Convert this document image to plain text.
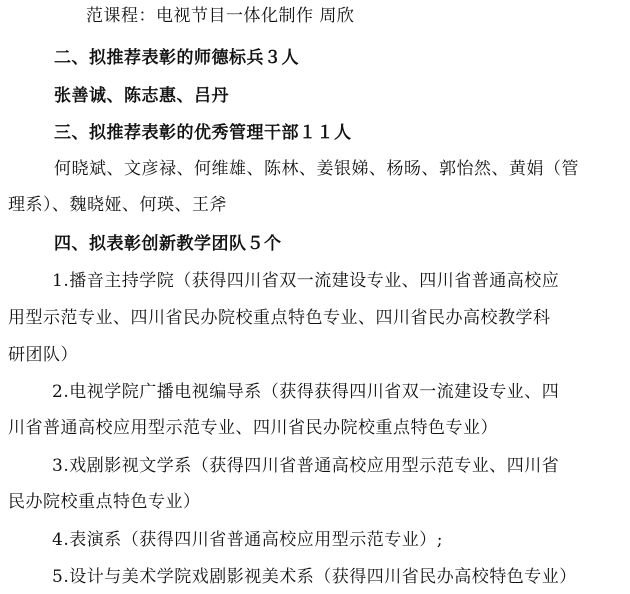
范课程：电视节目一体化制作 周欣
二、拟推荐表彰的师德标兵３人
张善诚、陈志惠、吕丹
三、拟推荐表彰的优秀管理干部１１人
何晓斌、文彦禄、何维雄、陈林、姜银娣、杨旸、郭怡然、黄娟（管
理系）、魏晓娅、何瑛、王斧
四、拟表彰创新教学团队５个
1.播音主持学院（获得四川省双一流建设专业、四川省普通高校应
用型示范专业、四川省民办院校重点特色专业、四川省民办高校教学科
研团队）
2.电视学院广播电视编导系（获得获得四川省双一流建设专业、四
川省普通高校应用型示范专业、四川省民办院校重点特色专业）
3.戏剧影视文学系（获得四川省普通高校应用型示范专业、四川省
民办院校重点特色专业）
4.表演系（获得四川省普通高校应用型示范专业）;
5.设计与美术学院戏剧影视美术系（获得四川省民办高校特色专业）
